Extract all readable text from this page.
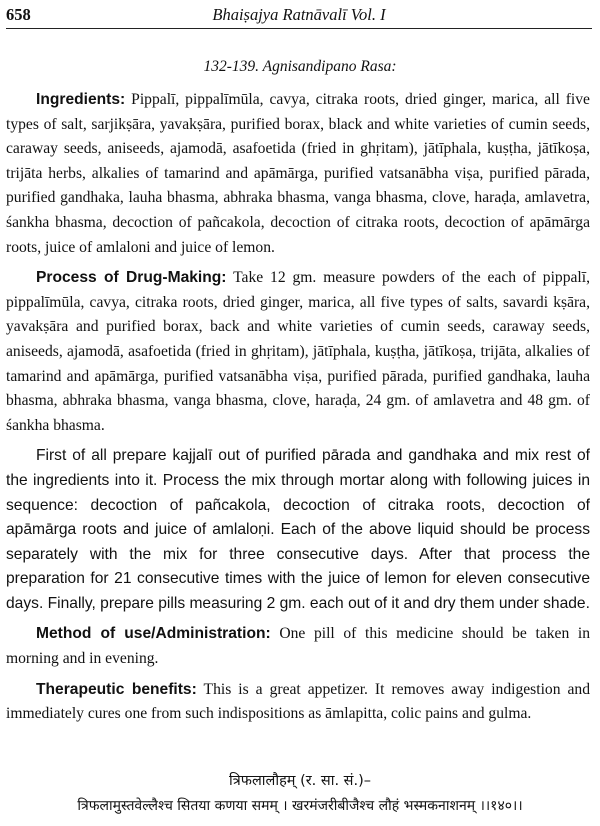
658	Bhaiṣajya Ratnāvalī Vol. I
132-139. Agnisandipano Rasa:

Ingredients: Pippalī, pippalīmūla, cavya, citraka roots, dried ginger, marica, all five types of salt, sarjikṣāra, yavakṣāra, purified borax, black and white varieties of cumin seeds, caraway seeds, aniseeds, ajamodā, asafoetida (fried in ghṛitam), jātīphala, kuṣṭha, jātīkoṣa, trijāta herbs, alkalies of tamarind and apāmārga, purified vatsanābha viṣa, purified pārada, purified gandhaka, lauha bhasma, abhraka bhasma, vanga bhasma, clove, haraḍa, amlavetra, śankha bhasma, decoction of pañcakola, decoction of citraka roots, decoction of apāmārga roots, juice of amlaloni and juice of lemon.

Process of Drug-Making: Take 12 gm. measure powders of the each of pippalī, pippalīmūla, cavya, citraka roots, dried ginger, marica, all five types of salts, savardi kṣāra, yavakṣāra and purified borax, back and white varieties of cumin seeds, caraway seeds, aniseeds, ajamodā, asafoetida (fried in ghṛitam), jātīphala, kuṣṭha, jātīkoṣa, trijāta, alkalies of tamarind and apāmārga, purified vatsanābha viṣa, purified pārada, purified gandhaka, lauha bhasma, abhraka bhasma, vanga bhasma, clove, haraḍa, 24 gm. of amlavetra and 48 gm. of śankha bhasma.

First of all prepare kajjalī out of purified pārada and gandhaka and mix rest of the ingredients into it. Process the mix through mortar along with following juices in sequence: decoction of pañcakola, decoction of citraka roots, decoction of apāmārga roots and juice of amlaloṇi. Each of the above liquid should be process separately with the mix for three consecutive days. After that process the preparation for 21 consecutive times with the juice of lemon for eleven consecutive days. Finally, prepare pills measuring 2 gm. each out of it and dry them under shade.

Method of use/Administration: One pill of this medicine should be taken in morning and in evening.

Therapeutic benefits: This is a great appetizer. It removes away indigestion and immediately cures one from such indispositions as āmlapitta, colic pains and gulma.

त्रिफलालौहम् (र. सा. सं.)–
त्रिफलामुस्तवेल्लैश्च सितया कणया समम् । खरमंजरीबीजैश्च लौहं भस्मकनाशनम् ।।१४०।।
